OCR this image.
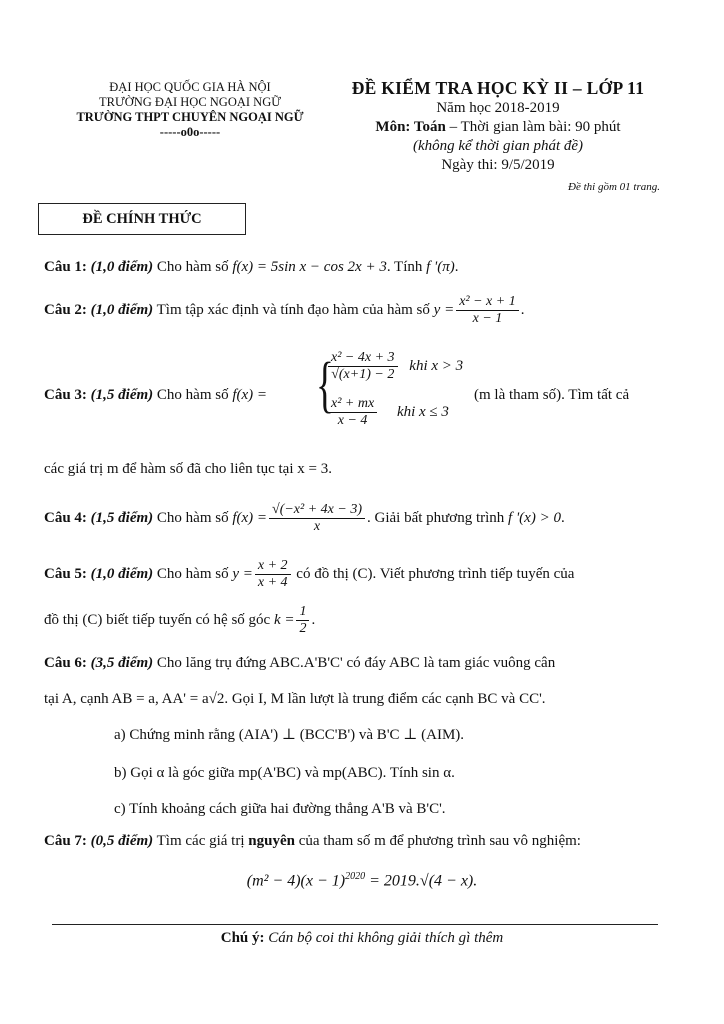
ĐẠI HỌC QUỐC GIA HÀ NỘI
TRƯỜNG ĐẠI HỌC NGOẠI NGỮ
TRƯỜNG THPT CHUYÊN NGOẠI NGỮ
-----o0o-----
ĐỀ KIỂM TRA HỌC KỲ II – LỚP 11
Năm học 2018-2019
Môn: Toán – Thời gian làm bài: 90 phút
(không kể thời gian phát đề)
Ngày thi: 9/5/2019
Đề thi gồm 01 trang.
ĐỀ CHÍNH THỨC
Câu 1: (1,0 điểm) Cho hàm số f(x) = 5sin x − cos 2x + 3. Tính f '(π).
Câu 2: (1,0 điểm) Tìm tập xác định và tính đạo hàm của hàm số $y = \frac{\text{x² − x + 1}}{x - 1}$ .
Câu 3: (1,5 điểm) Cho hàm số f(x) = {
$\frac{\text{x² − 4x + 3}}{√(x+1) - 2}$ khi x > 3
$\frac{\text{x² + mx}}{x - 4}$ khi x ≤ 3
(m là tham số). Tìm tất cả
các giá trị m để hàm số đã cho liên tục tại x = 3.
Câu 4: (1,5 điểm) Cho hàm số $f(x) = \frac{\text{√(−x² + 4x − 3)}}{x}$ . Giải bất phương trình f '(x) > 0.
Câu 5: (1,0 điểm) Cho hàm số $y = \frac{x + 2}{x + 4}$ có đồ thị (C). Viết phương trình tiếp tuyến của
đồ thị (C) biết tiếp tuyến có hệ số góc $k = \frac{1}{2}$ .
Câu 6: (3,5 điểm) Cho lăng trụ đứng ABC.A'B'C' có đáy ABC là tam giác vuông cân
tại A, cạnh AB = a, AA' = a√2. Gọi I, M lần lượt là trung điểm các cạnh BC và CC'.
a) Chứng minh rằng (AIA') ⊥ (BCC'B') và B'C ⊥ (AIM).
b) Gọi α là góc giữa mp(A'BC) và mp(ABC). Tính sin α.
c) Tính khoảng cách giữa hai đường thẳng A'B và B'C'.
Câu 7: (0,5 điểm) Tìm các giá trị nguyên của tham số m để phương trình sau vô nghiệm:
$(m^2 - 4)(x - 1)^{2020} = 2019.√(4 - x)$.
Chú ý: Cán bộ coi thi không giải thích gì thêm
